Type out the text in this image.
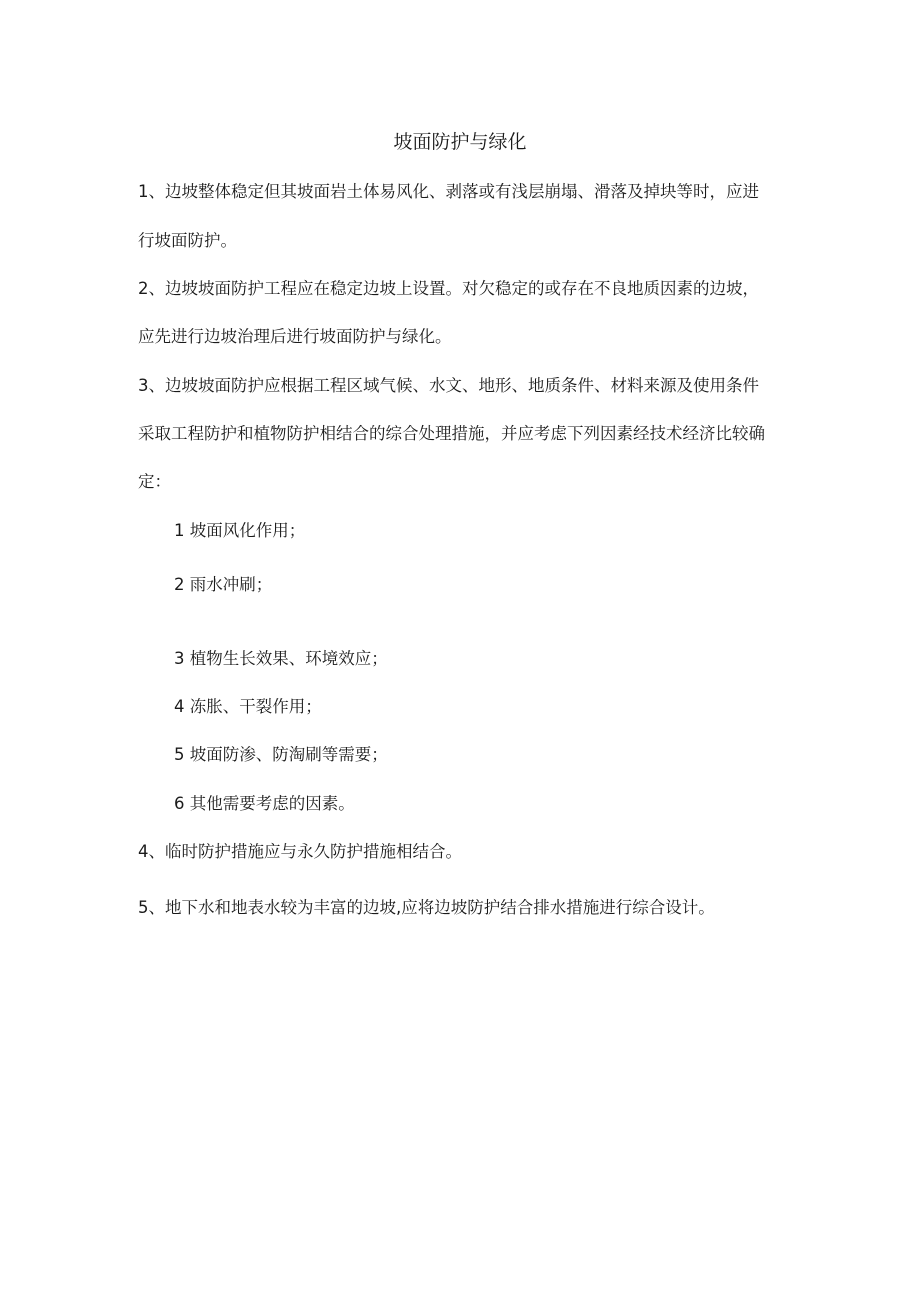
坡面防护与绿化

1、边坡整体稳定但其坡面岩土体易风化、剥落或有浅层崩塌、滑落及掉块等时，应进

行坡面防护。

2、边坡坡面防护工程应在稳定边坡上设置。对欠稳定的或存在不良地质因素的边坡，

应先进行边坡治理后进行坡面防护与绿化。

3、边坡坡面防护应根据工程区域气候、水文、地形、地质条件、材料来源及使用条件

采取工程防护和植物防护相结合的综合处理措施，并应考虑下列因素经技术经济比较确

定：

1 坡面风化作用；

2 雨水冲刷；

3 植物生长效果、环境效应；

4 冻胀、干裂作用；

5 坡面防渗、防淘刷等需要；

6 其他需要考虑的因素。

4、临时防护措施应与永久防护措施相结合。

5、地下水和地表水较为丰富的边坡,应将边坡防护结合排水措施进行综合设计。
